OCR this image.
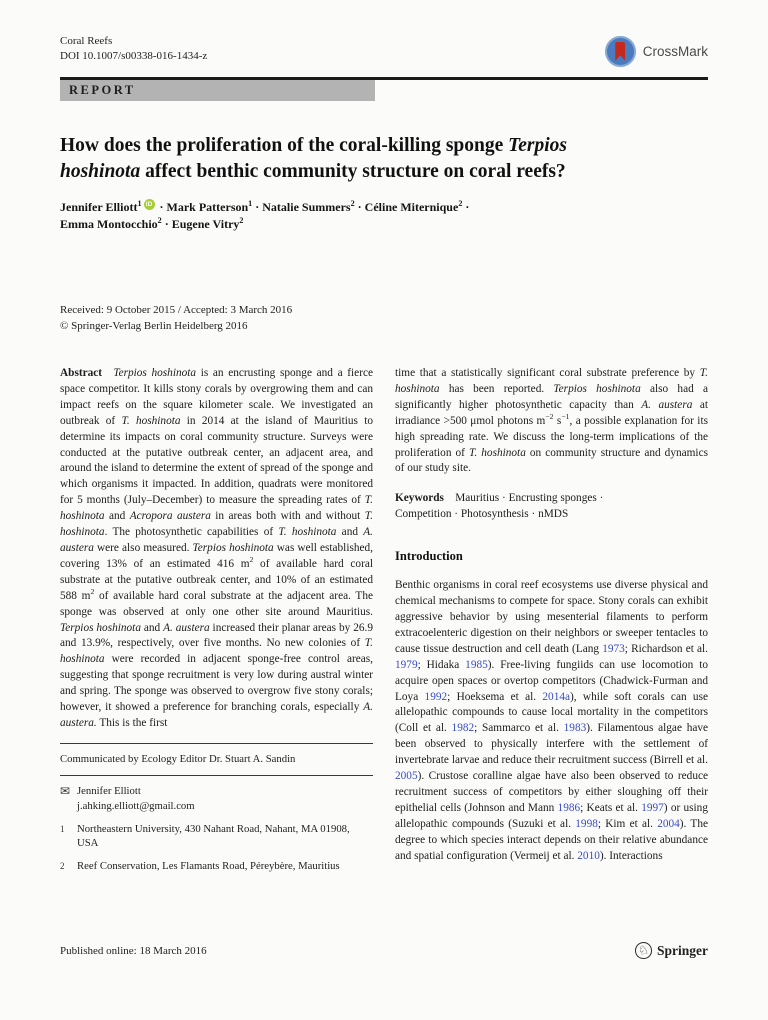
Coral Reefs
DOI 10.1007/s00338-016-1434-z	CrossMark
REPORT
How does the proliferation of the coral-killing sponge Terpios
hoshinota affect benthic community structure on coral reefs?
Jennifer Elliott$^1$ iD · Mark Patterson$^1$ · Natalie Summers$^2$ · Céline Miternique$^2$ ·
Emma Montocchio$^2$ · Eugene Vitry$^2$
Received: 9 October 2015 / Accepted: 3 March 2016
© Springer-Verlag Berlin Heidelberg 2016

Abstract   Terpios hoshinota is an encrusting sponge and a fierce space competitor. It kills stony corals by overgrowing them and can impact reefs on the square kilometer scale. We investigated an outbreak of T. hoshinota in 2014 at the island of Mauritius to determine its impacts on coral community structure. Surveys were conducted at the putative outbreak center, an adjacent area, and around the island to determine the extent of spread of the sponge and which organisms it impacted. In addition, quadrats were monitored for 5 months (July–December) to measure the spreading rates of T. hoshinota and Acropora austera in areas both with and without T. hoshinota. The photosynthetic capabilities of T. hoshinota and A. austera were also measured. Terpios hoshinota was well established, covering 13% of an estimated 416 $m^2$ of available hard coral substrate at the putative outbreak center, and 10% of an estimated 588 $m^2$ of available hard coral substrate at the adjacent area. The sponge was observed at only one other site around Mauritius. Terpios hoshinota and A. austera increased their planar areas by 26.9 and 13.9%, respectively, over five months. No new colonies of T. hoshinota were recorded in adjacent sponge-free control areas, suggesting that sponge recruitment is very low during austral winter and spring. The sponge was observed to overgrow five stony corals; however, it showed a preference for branching corals, especially A. austera. This is the first

Communicated by Ecology Editor Dr. Stuart A. Sandin
✉ Jennifer Elliott
j.ahking.elliott@gmail.com
1	Northeastern University, 430 Nahant Road, Nahant, MA 01908, USA
2	Reef Conservation, Les Flamants Road, Péreybère, Mauritius

time that a statistically significant coral substrate preference by T. hoshinota has been reported. Terpios hoshinota also had a significantly higher photosynthetic capacity than A. austera at irradiance >500 μmol photons $m^{-2}$ $s^{-1}$, a possible explanation for its high spreading rate. We discuss the long-term implications of the proliferation of T. hoshinota on community structure and dynamics of our study site.

Keywords  Mauritius · Encrusting sponges ·
Competition · Photosynthesis · nMDS

Introduction

Benthic organisms in coral reef ecosystems use diverse physical and chemical mechanisms to compete for space. Stony corals can exhibit aggressive behavior by using mesenterial filaments to perform extracoelenteric digestion on their neighbors or sweeper tentacles to cause tissue destruction and cell death (Lang 1973; Richardson et al. 1979; Hidaka 1985). Free-living fungiids can use locomotion to acquire open spaces or overtop competitors (Chadwick-Furman and Loya 1992; Hoeksema et al. 2014a), while soft corals can use allelopathic compounds to cause local mortality in the competitors (Coll et al. 1982; Sammarco et al. 1983). Filamentous algae have been observed to physically interfere with the settlement of invertebrate larvae and reduce their recruitment success (Birrell et al. 2005). Crustose coralline algae have also been observed to reduce recruitment success of competitors by either sloughing off their epithelial cells (Johnson and Mann 1986; Keats et al. 1997) or using allelopathic compounds (Suzuki et al. 1998; Kim et al. 2004). The degree to which species interact depends on their relative abundance and spatial configuration (Vermeij et al. 2010). Interactions

Published online: 18 March 2016	♘ Springer
